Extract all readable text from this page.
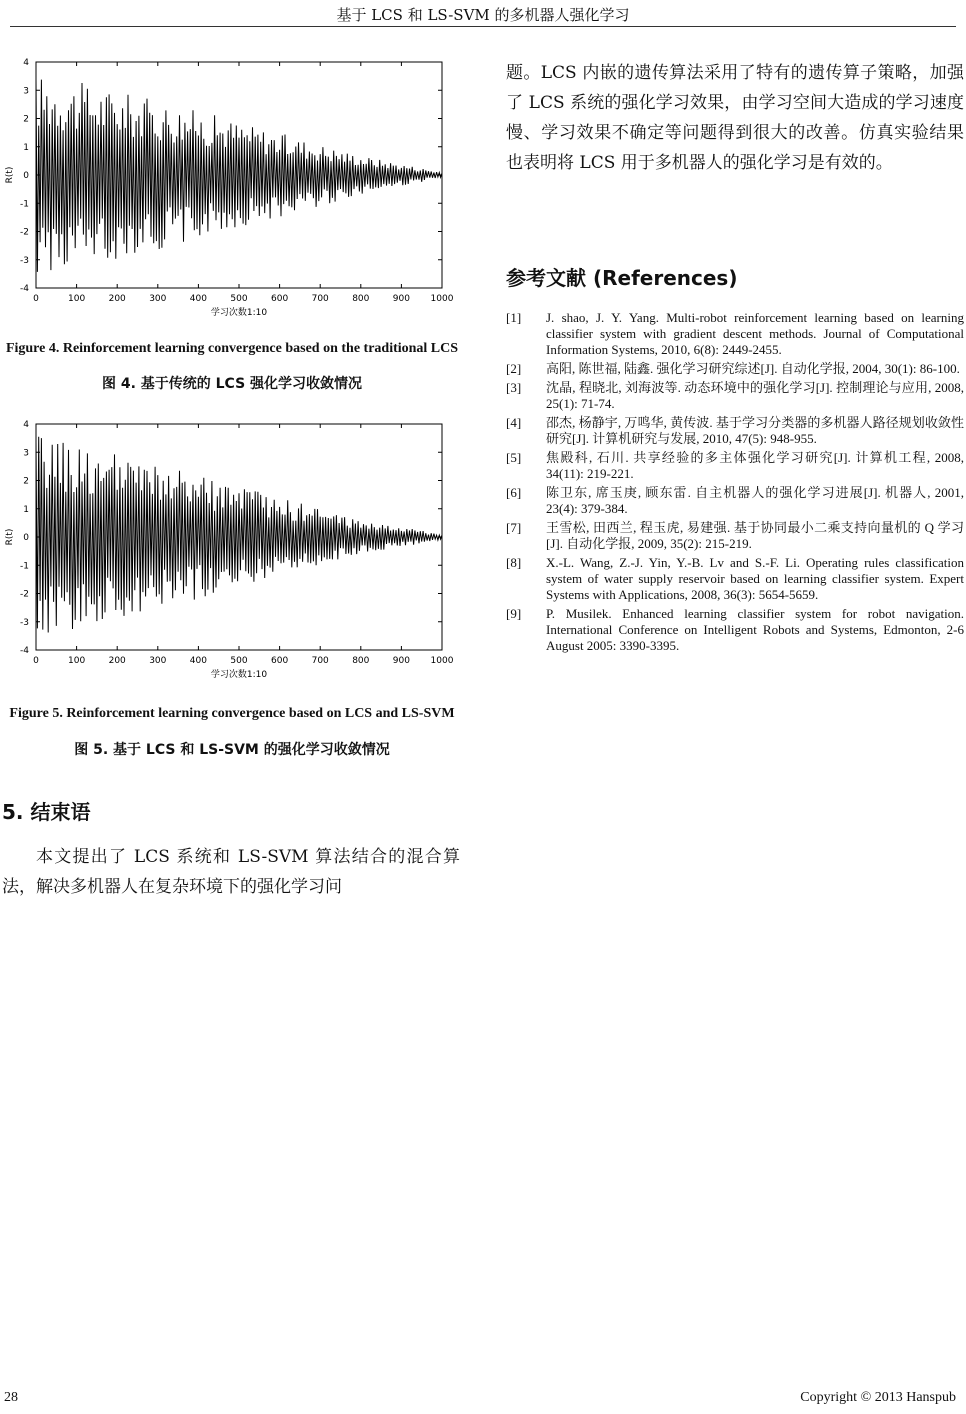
基于 LCS 和 LS-SVM 的多机器人强化学习
0	100	200	300	400	500	600	700	800	900 1000
4
3
2
1
0
-1
-2
-3
-4
学习次数1:10
R(t)
Figure 4. Reinforcement learning convergence based on the traditional LCS
图 4. 基于传统的 LCS 强化学习收敛情况
0	100	200	300	400	500	600	700	800	900 1000
4
3
2
1
0
-1
-2
-3
-4
学习次数1:10
R(t)
Figure 5. Reinforcement learning convergence based on LCS and LS-SVM
图 5. 基于 LCS 和 LS-SVM 的强化学习收敛情况
5. 结束语
本文提出了 LCS 系统和 LS-SVM 算法结合的混合算法，解决多机器人在复杂环境下的强化学习问
题。LCS 内嵌的遗传算法采用了特有的遗传算子策略，加强了 LCS 系统的强化学习效果，由学习空间大造成的学习速度慢、学习效果不确定等问题得到很大的改善。仿真实验结果也表明将 LCS 用于多机器人的强化学习是有效的。
参考文献 (References)
[1] J. shao, J. Y. Yang. Multi-robot reinforcement learning based on learning classifier system with gradient descent methods. Journal of Computational Information Systems, 2010, 6(8): 2449-2455.
[2] 高阳, 陈世福, 陆鑫. 强化学习研究综述[J]. 自动化学报, 2004, 30(1): 86-100.
[3] 沈晶, 程晓北, 刘海波等. 动态环境中的强化学习[J]. 控制理论与应用, 2008, 25(1): 71-74.
[4] 邵杰, 杨静宇, 万鸣华, 黄传波. 基于学习分类器的多机器人路径规划收敛性研究[J]. 计算机研究与发展, 2010, 47(5): 948-955.
[5] 焦殿科, 石川. 共享经验的多主体强化学习研究[J]. 计算机工程, 2008, 34(11): 219-221.
[6] 陈卫东, 席玉庚, 顾东雷. 自主机器人的强化学习进展[J]. 机器人, 2001, 23(4): 379-384.
[7] 王雪松, 田西兰, 程玉虎, 易建强. 基于协同最小二乘支持向量机的 Q 学习[J]. 自动化学报, 2009, 35(2): 215-219.
[8] X.-L. Wang, Z.-J. Yin, Y.-B. Lv and S.-F. Li. Operating rules classification system of water supply reservoir based on learning classifier system. Expert Systems with Applications, 2008, 36(3): 5654-5659.
[9] P. Musilek. Enhanced learning classifier system for robot navigation. International Conference on Intelligent Robots and Systems, Edmonton, 2-6 August 2005: 3390-3395.
28	Copyright © 2013 Hanspub
